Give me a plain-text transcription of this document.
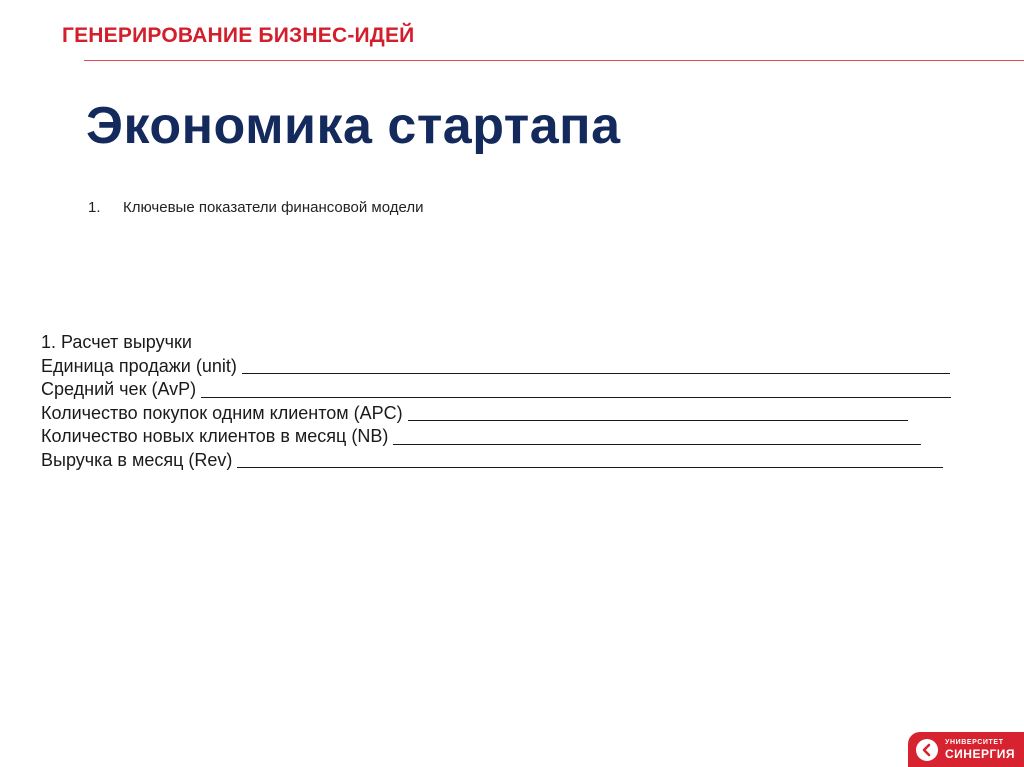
ГЕНЕРИРОВАНИЕ БИЗНЕС-ИДЕЙ
Экономика стартапа
1. Ключевые показатели финансовой модели
1. Расчет выручки
Единица продажи (unit)
Средний чек (AvP)
Количество покупок одним клиентом (APC)
Количество новых клиентов в месяц (NB)
Выручка в месяц (Rev)
УНИВЕРСИТЕТ
СИНЕРГИЯ
